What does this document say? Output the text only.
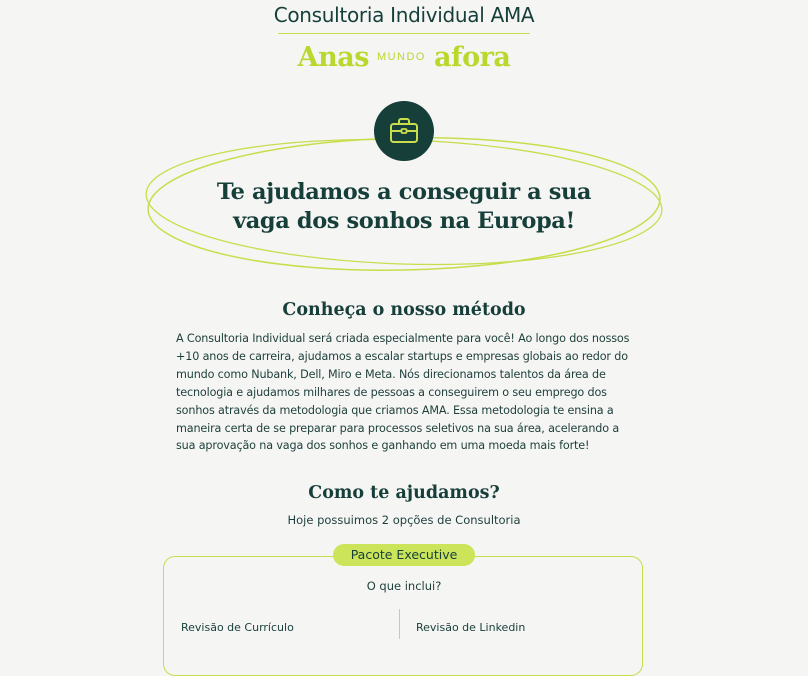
Consultoria Individual AMA
Anas $^{MUNDO}$ afora
Te ajudamos a conseguir a sua vaga dos sonhos na Europa!
Conheça o nosso método
A Consultoria Individual será criada especialmente para você! Ao longo dos nossos +10 anos de carreira, ajudamos a escalar startups e empresas globais ao redor do mundo como Nubank, Dell, Miro e Meta. Nós direcionamos talentos da área de tecnologia e ajudamos milhares de pessoas a conseguirem o seu emprego dos sonhos através da metodologia que criamos AMA. Essa metodologia te ensina a maneira certa de se preparar para processos seletivos na sua área, acelerando a sua aprovação na vaga dos sonhos e ganhando em uma moeda mais forte!
Como te ajudamos?
Hoje possuimos 2 opções de Consultoria
Pacote Executive
O que inclui?
Revisão de Currículo	Revisão de Linkedin
